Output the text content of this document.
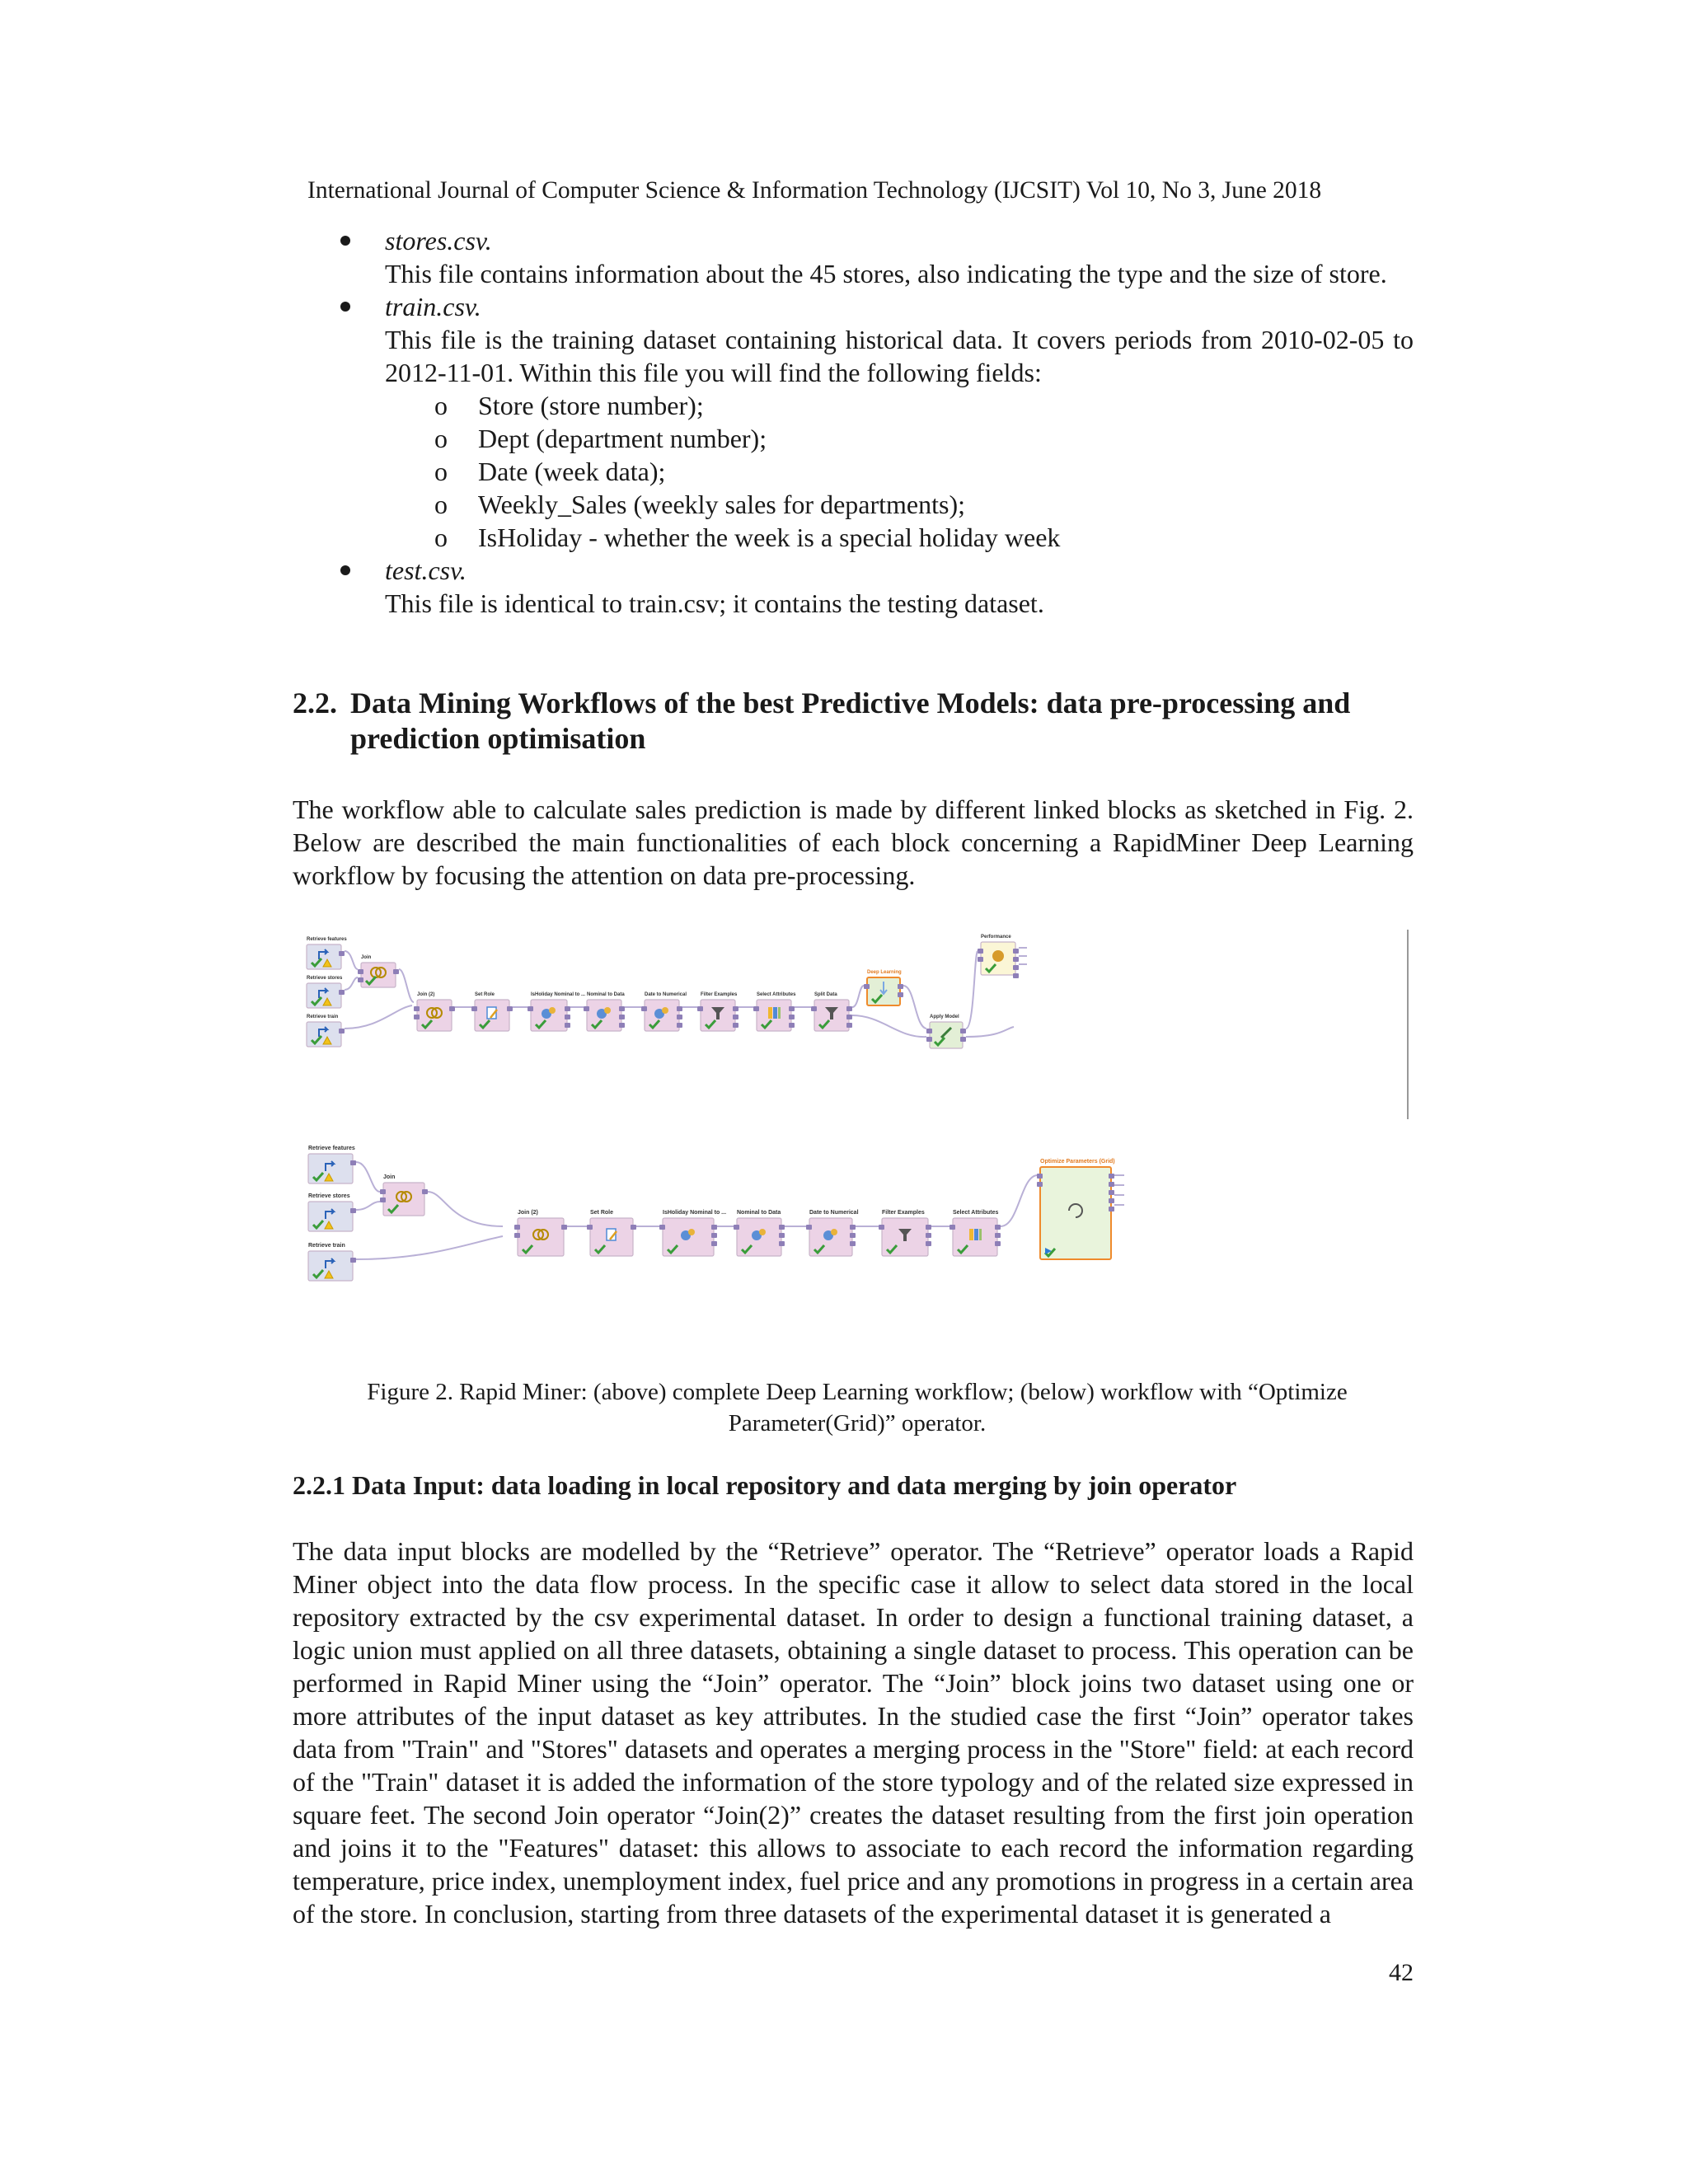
International Journal of Computer Science & Information Technology (IJCSIT) Vol 10, No 3, June 2018
stores.csv.
This file contains information about the 45 stores, also indicating the type and the size of store.
train.csv.
This file is the training dataset containing historical data. It covers periods from 2010-02-05 to 2012-11-01. Within this file you will find the following fields:
o Store (store number);
o Dept (department number);
o Date (week data);
o Weekly_Sales (weekly sales for departments);
o IsHoliday - whether the week is a special holiday week
test.csv.
This file is identical to train.csv; it contains the testing dataset.
2.2. Data Mining Workflows of the best Predictive Models: data pre-processing and prediction optimisation
The workflow able to calculate sales prediction is made by different linked blocks as sketched in Fig. 2. Below are described the main functionalities of each block concerning a RapidMiner Deep Learning workflow by focusing the attention on data pre-processing.
Retrieve features
Retrieve stores
Retrieve train
Join
Join (2)	Set Role	IsHoliday Nominal to ... Nominal to Data	Date to Numerical	Filter Examples	Select Attributes	Split Data
Deep Learning
Apply Model
Performance
Retrieve features
Retrieve stores
Retrieve train
Join
Join (2)	Set Role	IsHoliday Nominal to ... Nominal to Data	Date to Numerical	Filter Examples	Select Attributes
Optimize Parameters (Grid)
Figure 2. Rapid Miner: (above) complete Deep Learning workflow; (below) workflow with “Optimize
Parameter(Grid)” operator.
2.2.1 Data Input: data loading in local repository and data merging by join operator
The data input blocks are modelled by the “Retrieve” operator. The “Retrieve” operator loads a Rapid Miner object into the data flow process. In the specific case it allow to select data stored in the local repository extracted by the csv experimental dataset. In order to design a functional training dataset, a logic union must applied on all three datasets, obtaining a single dataset to process. This operation can be performed in Rapid Miner using the “Join” operator. The “Join” block joins two dataset using one or more attributes of the input dataset as key attributes. In the studied case the first “Join” operator takes data from "Train" and "Stores" datasets and operates a merging process in the "Store" field: at each record of the "Train" dataset it is added the information of the store typology and of the related size expressed in square feet. The second Join operator “Join(2)” creates the dataset resulting from the first join operation and joins it to the "Features" dataset: this allows to associate to each record the information regarding temperature, price index, unemployment index, fuel price and any promotions in progress in a certain area of the store. In conclusion, starting from three datasets of the experimental dataset it is generated a
42
